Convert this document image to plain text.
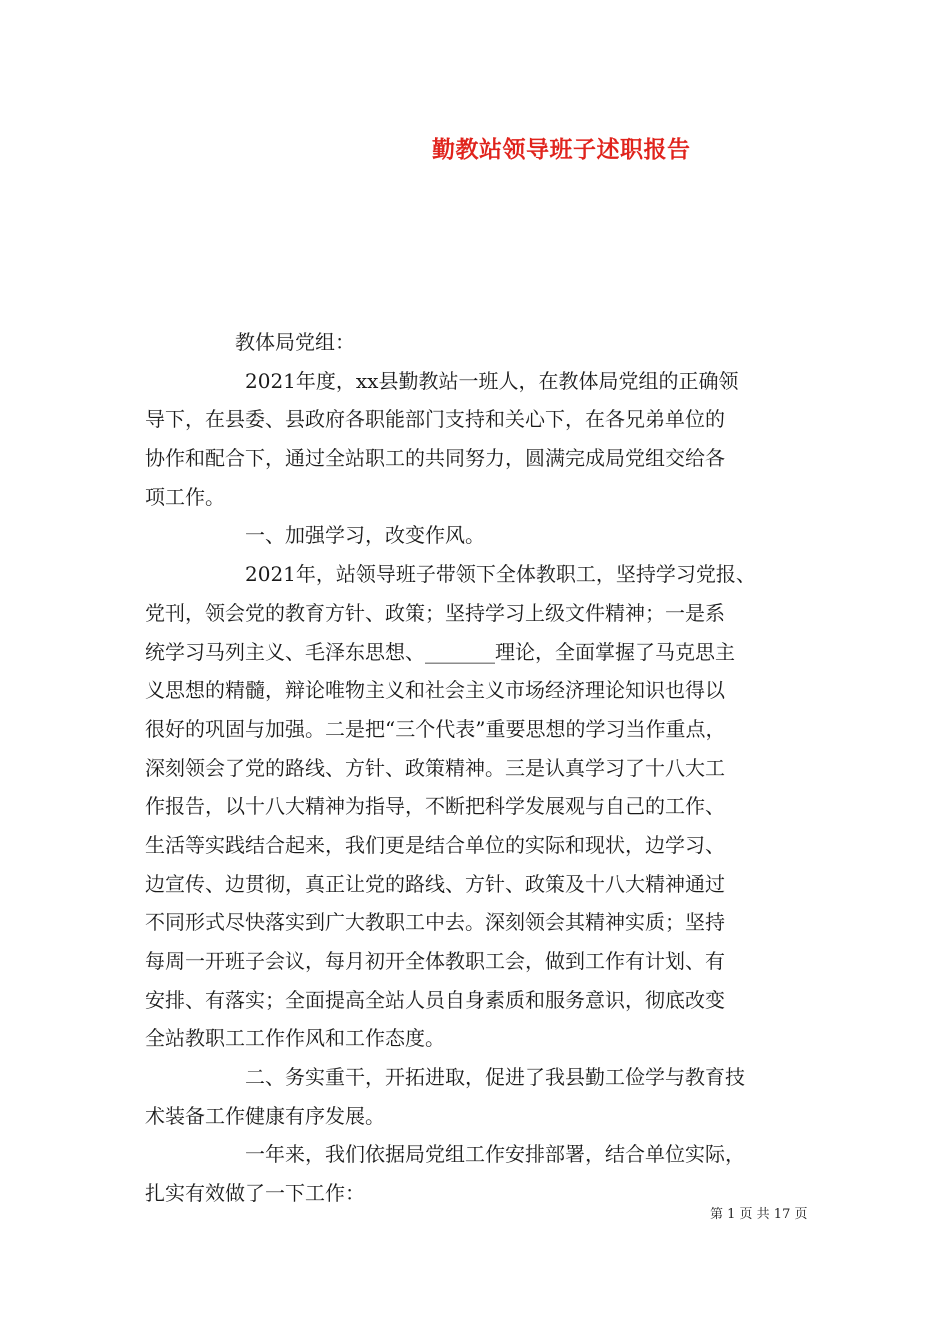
勤教站领导班子述职报告
教体局党组：
2021年度，xx县勤教站一班人，在教体局党组的正确领
导下，在县委、县政府各职能部门支持和关心下，在各兄弟单位的
协作和配合下，通过全站职工的共同努力，圆满完成局党组交给各
项工作。
一、加强学习，改变作风。
2021年，站领导班子带领下全体教职工，坚持学习党报、
党刊，领会党的教育方针、政策；坚持学习上级文件精神；一是系
统学习马列主义、毛泽东思想、_______理论，全面掌握了马克思主
义思想的精髓，辩论唯物主义和社会主义市场经济理论知识也得以
很好的巩固与加强。二是把“三个代表”重要思想的学习当作重点，
深刻领会了党的路线、方针、政策精神。三是认真学习了十八大工
作报告，以十八大精神为指导，不断把科学发展观与自己的工作、
生活等实践结合起来，我们更是结合单位的实际和现状，边学习、
边宣传、边贯彻，真正让党的路线、方针、政策及十八大精神通过
不同形式尽快落实到广大教职工中去。深刻领会其精神实质；坚持
每周一开班子会议，每月初开全体教职工会，做到工作有计划、有
安排、有落实；全面提高全站人员自身素质和服务意识，彻底改变
全站教职工工作作风和工作态度。
二、务实重干，开拓进取，促进了我县勤工俭学与教育技
术装备工作健康有序发展。
一年来，我们依据局党组工作安排部署，结合单位实际，
扎实有效做了一下工作：
第 1 页 共 17 页
